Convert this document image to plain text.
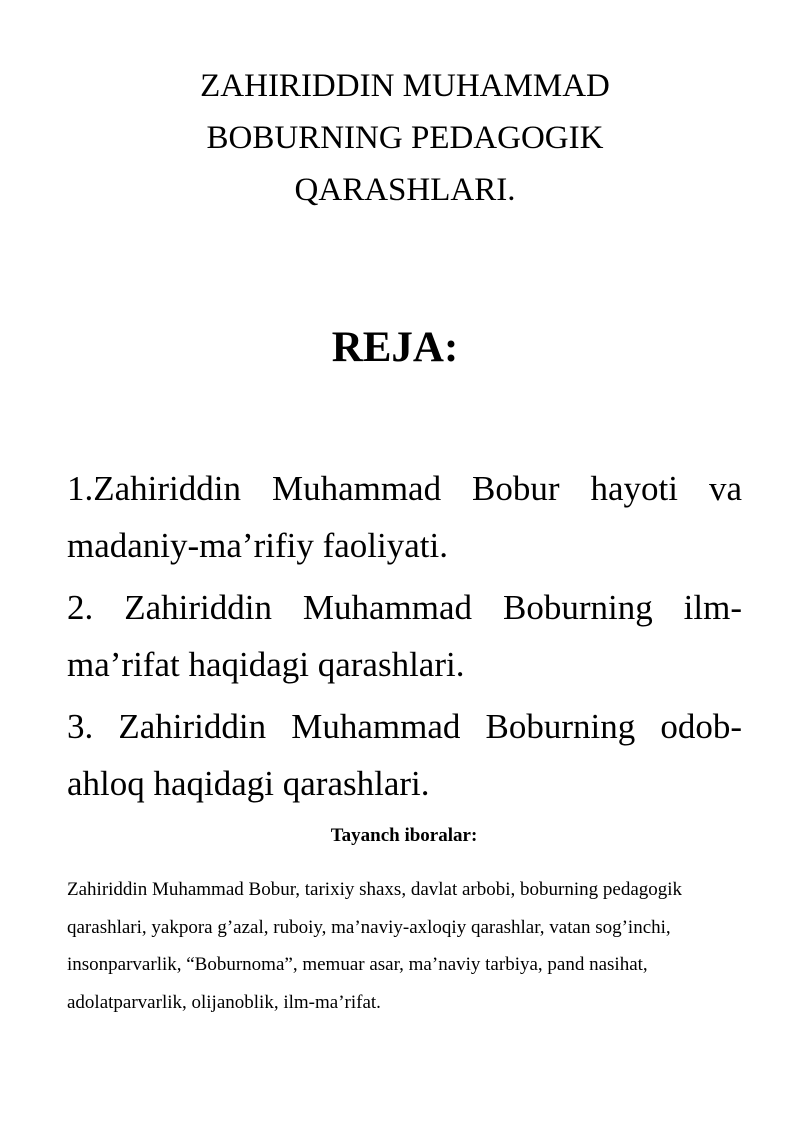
ZAHIRIDDIN MUHAMMAD
BOBURNING PEDAGOGIK
QARASHLARI.
REJA:
1.Zahiriddin Muhammad Bobur hayoti va madaniy-ma’rifiy faoliyati.
2. Zahiriddin Muhammad Boburning ilm-ma’rifat haqidagi qarashlari.
3. Zahiriddin Muhammad Boburning odob-ahloq haqidagi qarashlari.
Tayanch iboralar:

Zahiriddin Muhammad Bobur, tarixiy shaxs, davlat arbobi, boburning pedagogik qarashlari, yakpora g’azal, ruboiy, ma’naviy-axloqiy qarashlar, vatan sog’inchi, insonparvarlik, “Boburnoma”, memuar asar, ma’naviy tarbiya, pand nasihat, adolatparvarlik, olijanoblik, ilm-ma’rifat.
